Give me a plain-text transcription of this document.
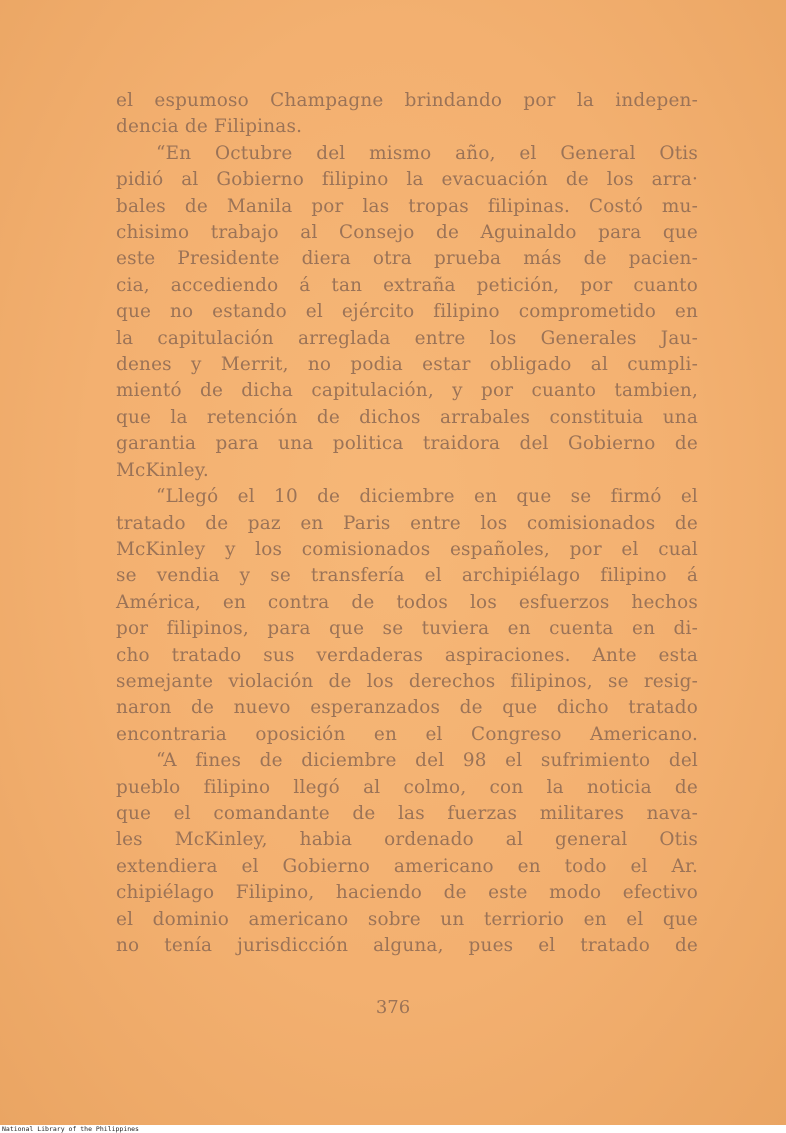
el espumoso Champagne brindando por la indepen-

dencia de Filipinas.

“En Octubre del mismo año, el General Otis

pidió al Gobierno filipino la evacuación de los arra·

bales de Manila por las tropas filipinas. Costó mu-

chisimo trabajo al Consejo de Aguinaldo para que

este Presidente diera otra prueba más de pacien-

cia, accediendo á tan extraña petición, por cuanto

que no estando el ejército filipino comprometido en

la capitulación arreglada entre los Generales Jau-

denes y Merrit, no podia estar obligado al cumpli-

mientó de dicha capitulación, y por cuanto tambien,

que la retención de dichos arrabales constituia una

garantia para una politica traidora del Gobierno de

McKinley.

“Llegó el 10 de diciembre en que se firmó el

tratado de paz en Paris entre los comisionados de

McKinley y los comisionados españoles, por el cual

se vendia y se transfería el archipiélago filipino á

América, en contra de todos los esfuerzos hechos

por filipinos, para que se tuviera en cuenta en di-

cho tratado sus verdaderas aspiraciones. Ante esta

semejante violación de los derechos filipinos, se resig-

naron de nuevo esperanzados de que dicho tratado

encontraria oposición en el Congreso Americano.

“A fines de diciembre del 98 el sufrimiento del

pueblo filipino llegó al colmo, con la noticia de

que el comandante de las fuerzas militares nava-

les McKinley, habia ordenado al general Otis

extendiera el Gobierno americano en todo el Ar.

chipiélago Filipino, haciendo de este modo efectivo

el dominio americano sobre un terriorio en el que

no tenía jurisdicción alguna, pues el tratado de

376
National Library of the Philippines
